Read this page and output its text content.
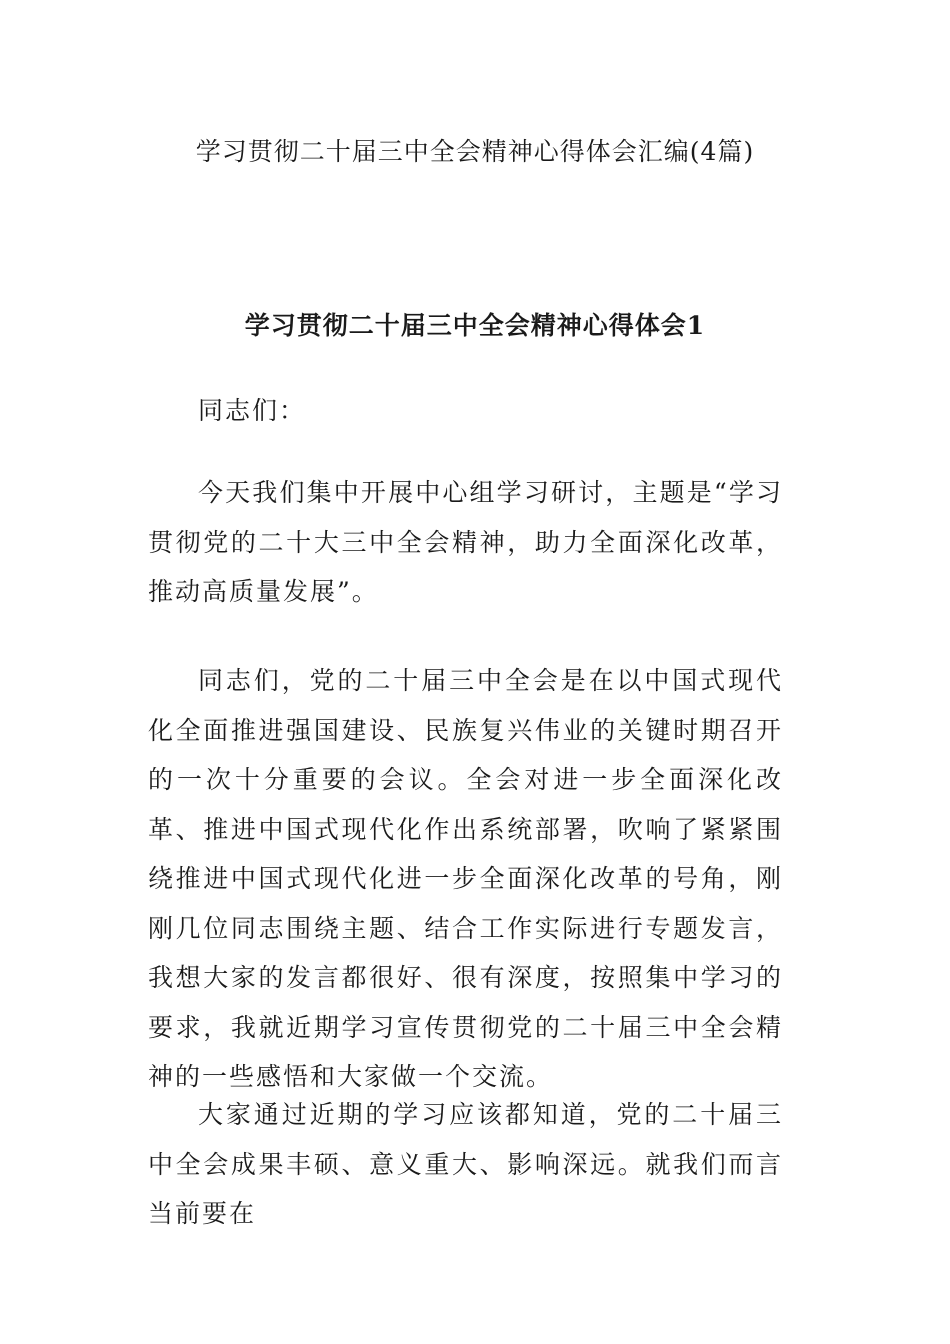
学习贯彻二十届三中全会精神心得体会汇编(4篇)
学习贯彻二十届三中全会精神心得体会1

同志们：

今天我们集中开展中心组学习研讨，主题是“学习贯彻党的二十大三中全会精神，助力全面深化改革，推动高质量发展”。

同志们，党的二十届三中全会是在以中国式现代化全面推进强国建设、民族复兴伟业的关键时期召开的一次十分重要的会议。全会对进一步全面深化改革、推进中国式现代化作出系统部署，吹响了紧紧围绕推进中国式现代化进一步全面深化改革的号角，刚刚几位同志围绕主题、结合工作实际进行专题发言，我想大家的发言都很好、很有深度，按照集中学习的要求，我就近期学习宣传贯彻党的二十届三中全会精神的一些感悟和大家做一个交流。

大家通过近期的学习应该都知道，党的二十届三中全会成果丰硕、意义重大、影响深远。就我们而言当前要在
